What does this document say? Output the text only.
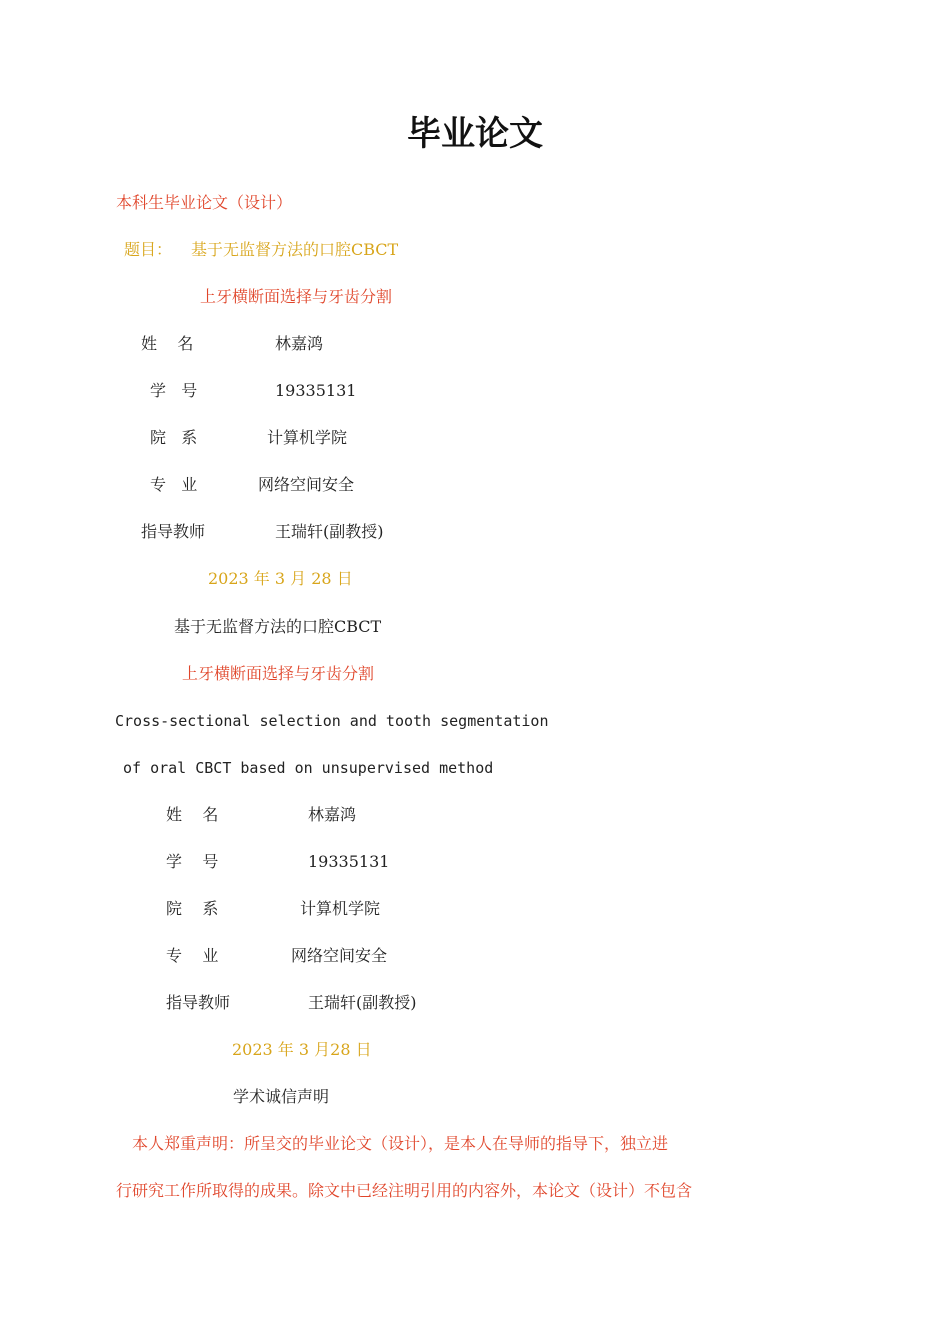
毕业论文
本科生毕业论文（设计）
题目： 基于无监督方法的口腔CBCT
上牙横断面选择与牙齿分割
姓    名	林嘉鸿
学   号	19335131
院   系	计算机学院
专   业	网络空间安全
指导教师	王瑞轩(副教授)
2023 年 3 月 28 日
基于无监督方法的口腔CBCT
上牙横断面选择与牙齿分割
Cross-sectional selection and tooth segmentation
of oral CBCT based on unsupervised method
姓    名	林嘉鸿
学    号	19335131
院    系	计算机学院
专    业	网络空间安全
指导教师	王瑞轩(副教授)
2023 年 3 月28 日
学术诚信声明
本人郑重声明：所呈交的毕业论文（设计），是本人在导师的指导下，独立进
行研究工作所取得的成果。除文中已经注明引用的内容外，本论文（设计）不包含
